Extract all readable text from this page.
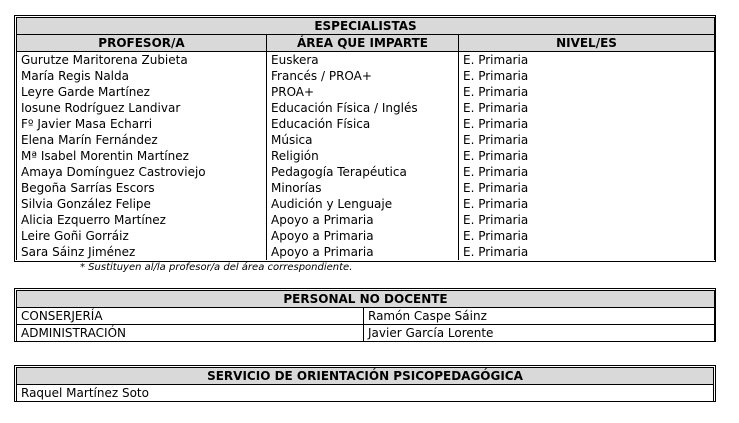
ESPECIALISTAS		
PROFESOR/A	ÁREA QUE IMPARTE	NIVEL/ES
Gurutze Maritorena Zubieta	Euskera	E. Primaria
María Regis Nalda	Francés / PROA+	E. Primaria
Leyre Garde Martínez	PROA+	E. Primaria
Iosune Rodríguez Landivar	Educación Física / Inglés	E. Primaria
Fº Javier Masa Echarri	Educación Física	E. Primaria
Elena Marín Fernández	Música	E. Primaria
Mª Isabel Morentin Martínez	Religión	E. Primaria
Amaya Domínguez Castroviejo	Pedagogía Terapéutica	E. Primaria
Begoña Sarrías Escors	Minorías	E. Primaria
Silvia González Felipe	Audición y Lenguaje	E. Primaria
Alicia Ezquerro Martínez	Apoyo a Primaria	E. Primaria
Leire Goñi Gorráiz	Apoyo a Primaria	E. Primaria
Sara Sáinz Jiménez	Apoyo a Primaria	E. Primaria
* Sustituyen al/la profesor/a del área correspondiente.
PERSONAL NO DOCENTE	
CONSERJERÍA	Ramón Caspe Sáinz
ADMINISTRACIÓN	Javier García Lorente
SERVICIO DE ORIENTACIÓN PSICOPEDAGÓGICA
Raquel Martínez Soto
